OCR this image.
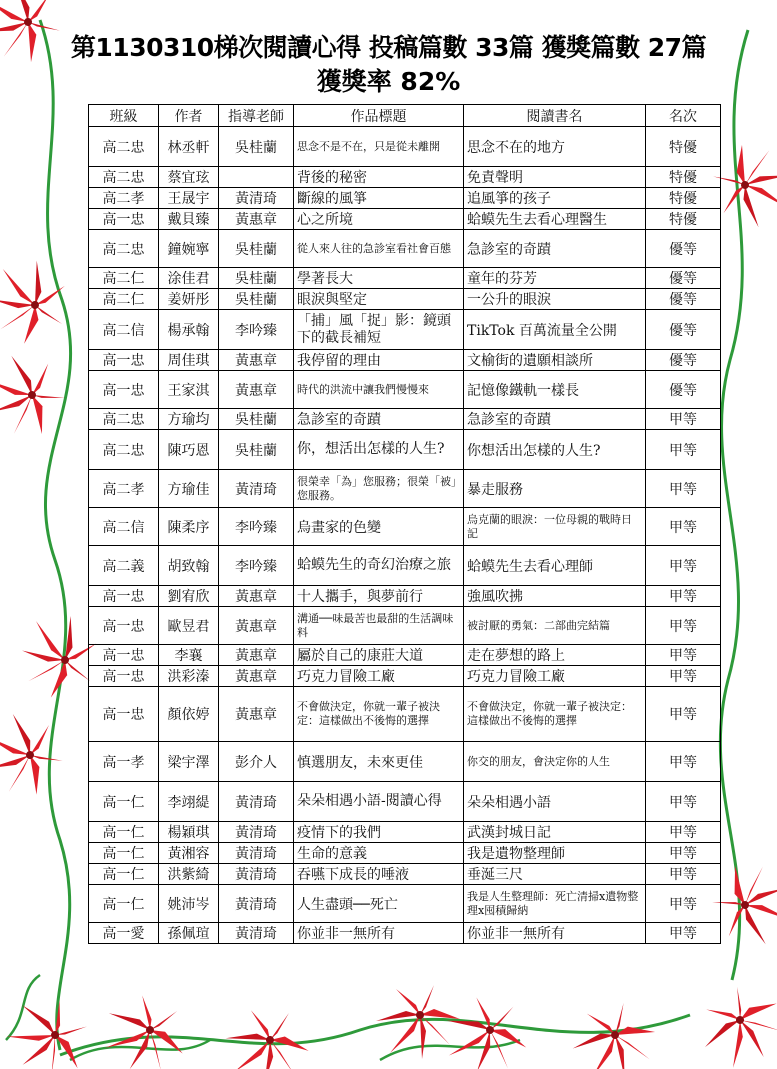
第1130310梯次閱讀心得 投稿篇數 33篇 獲獎篇數 27篇
獲獎率 82%
班級	作者	指導老師	作品標題	閱讀書名	名次
高二忠	林丞軒	吳桂蘭	思念不是不在，只是從未離開	思念不在的地方	特優
高二忠	蔡宜玹		背後的秘密	免責聲明	特優
高二孝	王晟宇	黃清琦	斷線的風箏	追風箏的孩子	特優
高一忠	戴貝臻	黃惠章	心之所境	蛤蟆先生去看心理醫生	特優
高二忠	鐘婉寧	吳桂蘭	從人來人往的急診室看社會百態	急診室的奇蹟	優等
高二仁	涂佳君	吳桂蘭	學著長大	童年的芬芳	優等
高二仁	姜妍彤	吳桂蘭	眼淚與堅定	一公升的眼淚	優等
高二信	楊承翰	李吟臻	「捕」風「捉」影：鏡頭下的截長補短	TikTok 百萬流量全公開	優等
高一忠	周佳琪	黃惠章	我停留的理由	文榆街的遺願相談所	優等
高一忠	王家淇	黃惠章	時代的洪流中讓我們慢慢來	記憶像鐵軌一樣長	優等
高二忠	方瑜均	吳桂蘭	急診室的奇蹟	急診室的奇蹟	甲等
高二忠	陳巧恩	吳桂蘭	你，想活出怎樣的人生?	你想活出怎樣的人生?	甲等
高二孝	方瑜佳	黃清琦	很榮幸「為」您服務；很榮「被」您服務。	暴走服務	甲等
高二信	陳柔序	李吟臻	烏畫家的色變	烏克蘭的眼淚：一位母親的戰時日記	甲等
高二義	胡致翰	李吟臻	蛤蟆先生的奇幻治療之旅	蛤蟆先生去看心理師	甲等
高一忠	劉宥欣	黃惠章	十人攜手，與夢前行	強風吹拂	甲等
高一忠	歐昱君	黃惠章	溝通──味最苦也最甜的生活調味料	被討厭的勇氣：二部曲完結篇	甲等
高一忠	李襄	黃惠章	屬於自己的康莊大道	走在夢想的路上	甲等
高一忠	洪彩溱	黃惠章	巧克力冒險工廠	巧克力冒險工廠	甲等
高一忠	顏依婷	黃惠章	不會做決定，你就一輩子被決定：這樣做出不後悔的選擇	不會做決定，你就一輩子被決定：這樣做出不後悔的選擇	甲等
高一孝	梁宇澤	彭介人	慎選朋友，未來更佳	你交的朋友，會決定你的人生	甲等
高一仁	李翊緹	黃清琦	朵朵相遇小語-閱讀心得	朵朵相遇小語	甲等
高一仁	楊穎琪	黃清琦	疫情下的我們	武漢封城日記	甲等
高一仁	黃湘容	黃清琦	生命的意義	我是遺物整理師	甲等
高一仁	洪紫綺	黃清琦	吞嚥下成長的唾液	垂涎三尺	甲等
高一仁	姚沛岑	黃清琦	人生盡頭──死亡	我是人生整理師：死亡清掃x遺物整理x囤積歸納	甲等
高一愛	孫佩瑄	黃清琦	你並非一無所有	你並非一無所有	甲等
